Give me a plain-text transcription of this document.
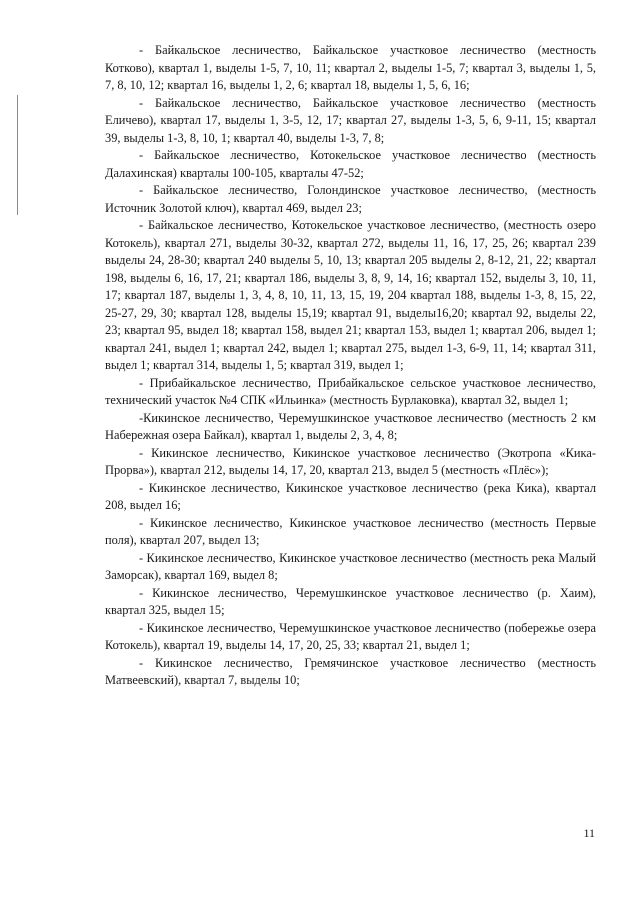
- Байкальское лесничество, Байкальское участковое лесничество (местность Котково), квартал 1, выделы 1-5, 7, 10, 11; квартал 2, выделы 1-5, 7; квартал 3, выделы 1, 5, 7, 8, 10, 12; квартал 16, выделы 1, 2, 6; квартал 18, выделы 1, 5, 6, 16;

- Байкальское лесничество, Байкальское участковое лесничество (местность Еличево), квартал 17, выделы 1, 3-5, 12, 17; квартал 27, выделы 1-3, 5, 6, 9-11, 15; квартал 39, выделы 1-3, 8, 10, 1; квартал 40, выделы 1-3, 7, 8;

- Байкальское лесничество, Котокельское участковое лесничество (местность Далахинская) кварталы 100-105, кварталы 47-52;

- Байкальское лесничество, Голондинское участковое лесничество, (местность Источник Золотой ключ), квартал 469, выдел 23;

- Байкальское лесничество, Котокельское участковое лесничество, (местность озеро Котокель), квартал 271, выделы 30-32, квартал 272, выделы 11, 16, 17, 25, 26; квартал 239 выделы 24, 28-30; квартал 240 выделы 5, 10, 13; квартал 205 выделы 2, 8-12, 21, 22; квартал 198, выделы 6, 16, 17, 21; квартал 186, выделы 3, 8, 9, 14, 16; квартал 152, выделы 3, 10, 11, 17; квартал 187, выделы 1, 3, 4, 8, 10, 11, 13, 15, 19, 204 квартал 188, выделы 1-3, 8, 15, 22, 25-27, 29, 30; квартал 128, выделы 15,19; квартал 91, выделы16,20; квартал 92, выделы 22, 23; квартал 95, выдел 18; квартал 158, выдел 21; квартал 153, выдел 1; квартал 206, выдел 1; квартал 241, выдел 1; квартал 242, выдел 1; квартал 275, выдел 1-3, 6-9, 11, 14; квартал 311, выдел 1; квартал 314, выделы 1, 5; квартал 319, выдел 1;

- Прибайкальское лесничество, Прибайкальское сельское участковое лесничество, технический участок №4 СПК «Ильинка» (местность Бурлаковка), квартал 32, выдел 1;

-Кикинское лесничество, Черемушкинское участковое лесничество (местность 2 км Набережная озера Байкал), квартал 1, выделы 2, 3, 4, 8;

- Кикинское лесничество, Кикинское участковое лесничество (Экотропа «Кика-Прорва»), квартал 212, выделы 14, 17, 20, квартал 213, выдел 5 (местность «Плёс»);

- Кикинское лесничество, Кикинское участковое лесничество (река Кика), квартал 208, выдел 16;

- Кикинское лесничество, Кикинское участковое лесничество (местность Первые поля), квартал 207, выдел 13;

- Кикинское лесничество, Кикинское участковое лесничество (местность река Малый Заморсак), квартал 169, выдел 8;

- Кикинское лесничество, Черемушкинское участковое лесничество (р. Хаим), квартал 325, выдел 15;

- Кикинское лесничество, Черемушкинское участковое лесничество (побережье озера Котокель), квартал 19, выделы 14, 17, 20, 25, 33; квартал 21, выдел 1;

- Кикинское лесничество, Гремячинское участковое лесничество (местность Матвеевский), квартал 7, выделы 10;

11
